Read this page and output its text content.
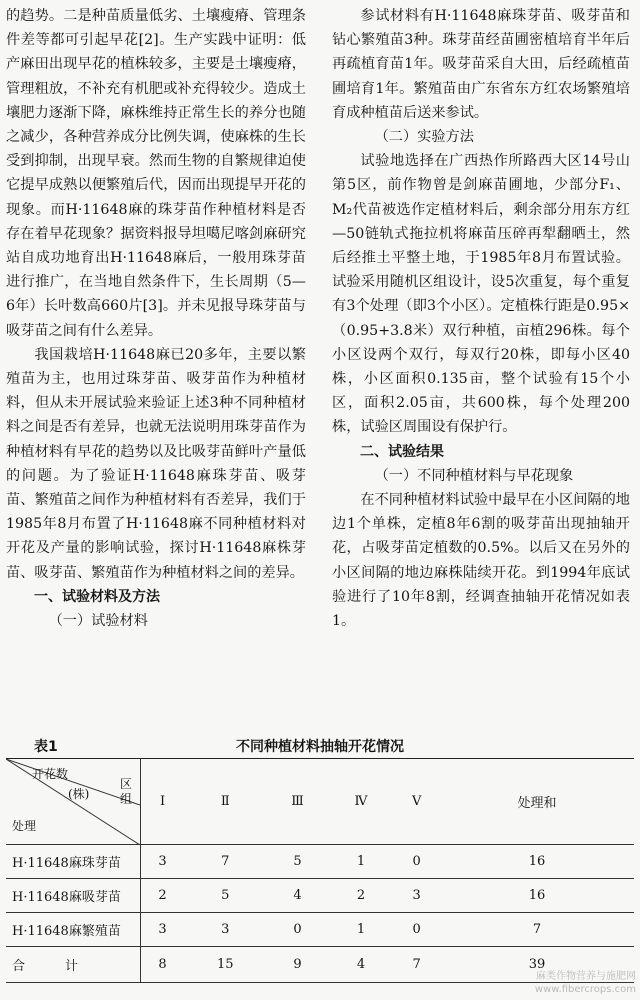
的趋势。二是种苗质量低劣、土壤瘦瘠、管理条件差等都可引起早花[2]。生产实践中证明：低产麻田出现早花的植株较多，主要是土壤瘦瘠，管理粗放，不补充有机肥或补充得较少。造成土壤肥力逐渐下降，麻株维持正常生长的养分也随之减少，各种营养成分比例失调，使麻株的生长受到抑制，出现早衰。然而生物的自繁规律迫使它提早成熟以便繁殖后代，因而出现提早开花的现象。而H·11648麻的珠芽苗作种植材料是否存在着早花现象？据资料报导坦噶尼喀剑麻研究站自成功地育出H·11648麻后，一般用珠芽苗进行推广，在当地自然条件下，生长周期（5—6年）长叶数高660片[3]。并未见报导珠芽苗与吸芽苗之间有什么差异。

我国栽培H·11648麻已20多年，主要以繁殖苗为主，也用过珠芽苗、吸芽苗作为种植材料，但从未开展试验来验证上述3种不同种植材料之间是否有差异，也就无法说明用珠芽苗作为种植材料有早花的趋势以及比吸芽苗鲜叶产量低的问题。为了验证H·11648麻珠芽苗、吸芽苗、繁殖苗之间作为种植材料有否差异，我们于1985年8月布置了H·11648麻不同种植材料对开花及产量的影响试验，探讨H·11648麻株芽苗、吸芽苗、繁殖苗作为种植材料之间的差异。

一、试验材料及方法

（一）试验材料

参试材料有H·11648麻珠芽苗、吸芽苗和钻心繁殖苗3种。珠芽苗经苗圃密植培育半年后再疏植育苗1年。吸芽苗采自大田，后经疏植苗圃培育1年。繁殖苗由广东省东方红农场繁殖培育成种植苗后送来参试。

（二）实验方法

试验地选择在广西热作所路西大区14号山第5区，前作物曾是剑麻苗圃地，少部分F₁、M₂代苗被选作定植材料后，剩余部分用东方红—50链轨式拖拉机将麻苗压碎再犁翻晒土，然后经推土平整土地，于1985年8月布置试验。试验采用随机区组设计，设5次重复，每个重复有3个处理（即3个小区）。定植株行距是0.95×（0.95+3.8米）双行种植，亩植296株。每个小区设两个双行，每双行20株，即每小区40株，小区面积0.135亩，整个试验有15个小区，面积2.05亩，共600株，每个处理200株，试验区周围设有保护行。

二、试验结果

（一）不同种植材料与早花现象

在不同种植材料试验中最早在小区间隔的地边1个单株，定植8年6割的吸芽苗出现抽轴开花，占吸芽苗定植数的0.5%。以后又在另外的小区间隔的地边麻株陆续开花。到1994年底试验进行了10年8割，经调查抽轴开花情况如表1。

表1	不同种植材料抽轴开花情况
开花数
(株)
区组
处理	Ⅰ	Ⅱ	Ⅲ	Ⅳ	Ⅴ	处理和
H·11648麻珠芽苗	3	7	5	1	0	16
H·11648麻吸芽苗	2	5	4	2	3	16
H·11648麻繁殖苗	3	3	0	1	0	7
合计	8	15	9	4	7	39
麻类作物营养与施肥网
www.fibercrops.com
